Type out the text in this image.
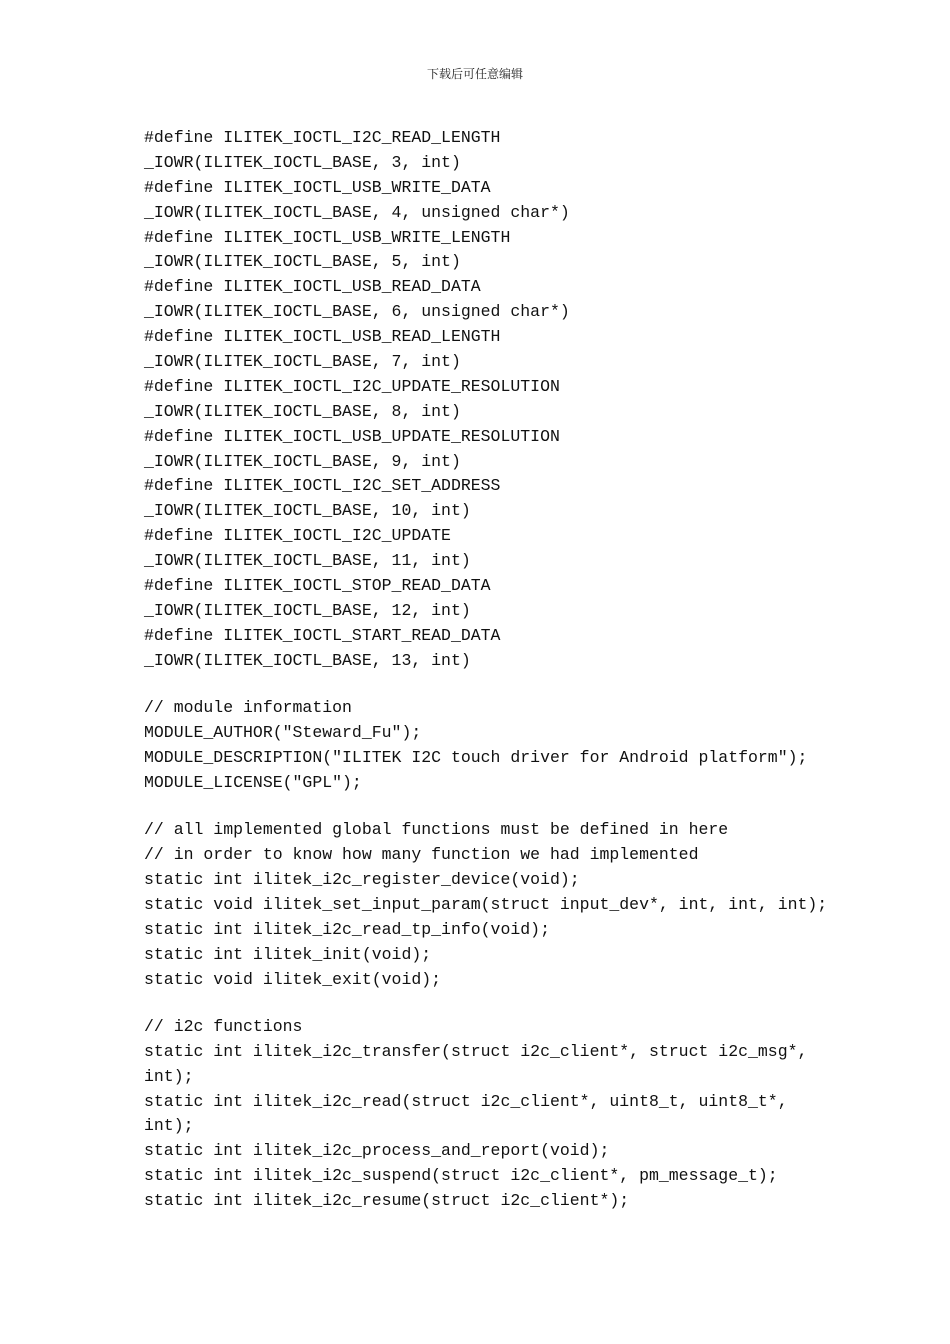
下载后可任意编辑
#define ILITEK_IOCTL_I2C_READ_LENGTH
_IOWR(ILITEK_IOCTL_BASE, 3, int)
#define ILITEK_IOCTL_USB_WRITE_DATA
_IOWR(ILITEK_IOCTL_BASE, 4, unsigned char*)
#define ILITEK_IOCTL_USB_WRITE_LENGTH
_IOWR(ILITEK_IOCTL_BASE, 5, int)
#define ILITEK_IOCTL_USB_READ_DATA
_IOWR(ILITEK_IOCTL_BASE, 6, unsigned char*)
#define ILITEK_IOCTL_USB_READ_LENGTH
_IOWR(ILITEK_IOCTL_BASE, 7, int)
#define ILITEK_IOCTL_I2C_UPDATE_RESOLUTION
_IOWR(ILITEK_IOCTL_BASE, 8, int)
#define ILITEK_IOCTL_USB_UPDATE_RESOLUTION
_IOWR(ILITEK_IOCTL_BASE, 9, int)
#define ILITEK_IOCTL_I2C_SET_ADDRESS
_IOWR(ILITEK_IOCTL_BASE, 10, int)
#define ILITEK_IOCTL_I2C_UPDATE
_IOWR(ILITEK_IOCTL_BASE, 11, int)
#define ILITEK_IOCTL_STOP_READ_DATA
_IOWR(ILITEK_IOCTL_BASE, 12, int)
#define ILITEK_IOCTL_START_READ_DATA
_IOWR(ILITEK_IOCTL_BASE, 13, int)
// module information
MODULE_AUTHOR("Steward_Fu");
MODULE_DESCRIPTION("ILITEK I2C touch driver for Android platform");
MODULE_LICENSE("GPL");
// all implemented global functions must be defined in here
// in order to know how many function we had implemented
static int ilitek_i2c_register_device(void);
static void ilitek_set_input_param(struct input_dev*, int, int, int);
static int ilitek_i2c_read_tp_info(void);
static int ilitek_init(void);
static void ilitek_exit(void);
// i2c functions
static int ilitek_i2c_transfer(struct i2c_client*, struct i2c_msg*,
int);
static int ilitek_i2c_read(struct i2c_client*, uint8_t, uint8_t*,
int);
static int ilitek_i2c_process_and_report(void);
static int ilitek_i2c_suspend(struct i2c_client*, pm_message_t);
static int ilitek_i2c_resume(struct i2c_client*);
